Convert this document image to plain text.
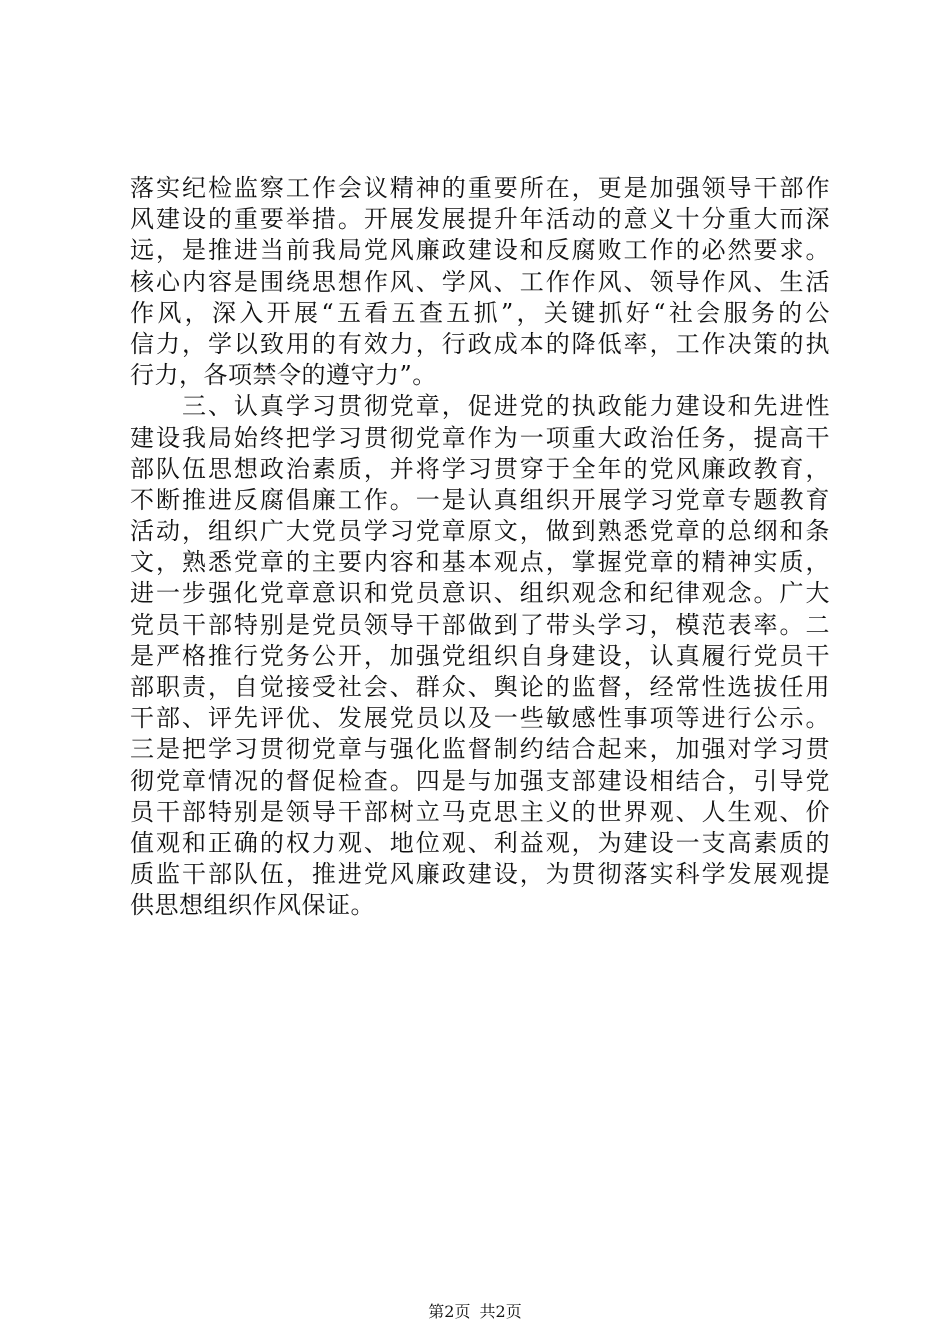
落实纪检监察工作会议精神的重要所在，更是加强领导干部作
风建设的重要举措。开展发展提升年活动的意义十分重大而深
远，是推进当前我局党风廉政建设和反腐败工作的必然要求。
核心内容是围绕思想作风、学风、工作作风、领导作风、生活
作风，深入开展“五看五查五抓”，关键抓好“社会服务的公
信力，学以致用的有效力，行政成本的降低率，工作决策的执
行力，各项禁令的遵守力”。
　　三、认真学习贯彻党章，促进党的执政能力建设和先进性
建设我局始终把学习贯彻党章作为一项重大政治任务，提高干
部队伍思想政治素质，并将学习贯穿于全年的党风廉政教育，
不断推进反腐倡廉工作。一是认真组织开展学习党章专题教育
活动，组织广大党员学习党章原文，做到熟悉党章的总纲和条
文，熟悉党章的主要内容和基本观点，掌握党章的精神实质，
进一步强化党章意识和党员意识、组织观念和纪律观念。广大
党员干部特别是党员领导干部做到了带头学习，模范表率。二
是严格推行党务公开，加强党组织自身建设，认真履行党员干
部职责，自觉接受社会、群众、舆论的监督，经常性选拔任用
干部、评先评优、发展党员以及一些敏感性事项等进行公示。
三是把学习贯彻党章与强化监督制约结合起来，加强对学习贯
彻党章情况的督促检查。四是与加强支部建设相结合，引导党
员干部特别是领导干部树立马克思主义的世界观、人生观、价
值观和正确的权力观、地位观、利益观，为建设一支高素质的
质监干部队伍，推进党风廉政建设，为贯彻落实科学发展观提
供思想组织作风保证。
第2页 共2页
